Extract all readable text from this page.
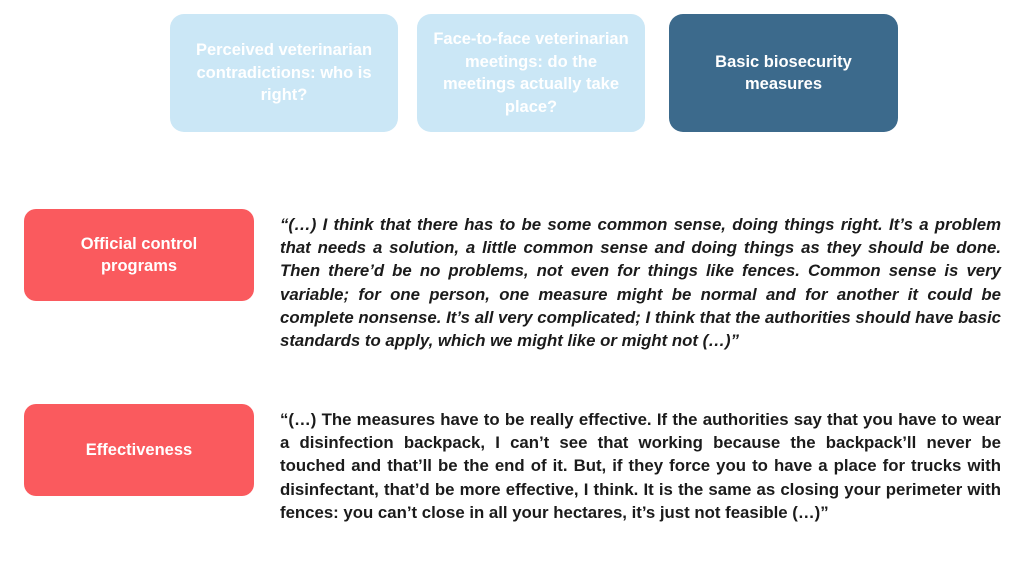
Perceived veterinarian contradictions: who is right?
Face-to-face veterinarian meetings: do the meetings actually take place?
Basic biosecurity measures
Official control programs

“(…) I think that there has to be some common sense, doing things right. It’s a problem that needs a solution, a little common sense and doing things as they should be done. Then there’d be no problems, not even for things like fences. Common sense is very variable; for one person, one measure might be normal and for another it could be complete nonsense. It’s all very complicated; I think that the authorities should have basic standards to apply, which we might like or might not (…)”

Effectiveness

“(…) The measures have to be really effective. If the authorities say that you have to wear a disinfection backpack, I can’t see that working because the backpack’ll never be touched and that’ll be the end of it. But, if they force you to have a place for trucks with disinfectant, that’d be more effective, I think. It is the same as closing your perimeter with fences: you can’t close in all your hectares, it’s just not feasible (…)”
